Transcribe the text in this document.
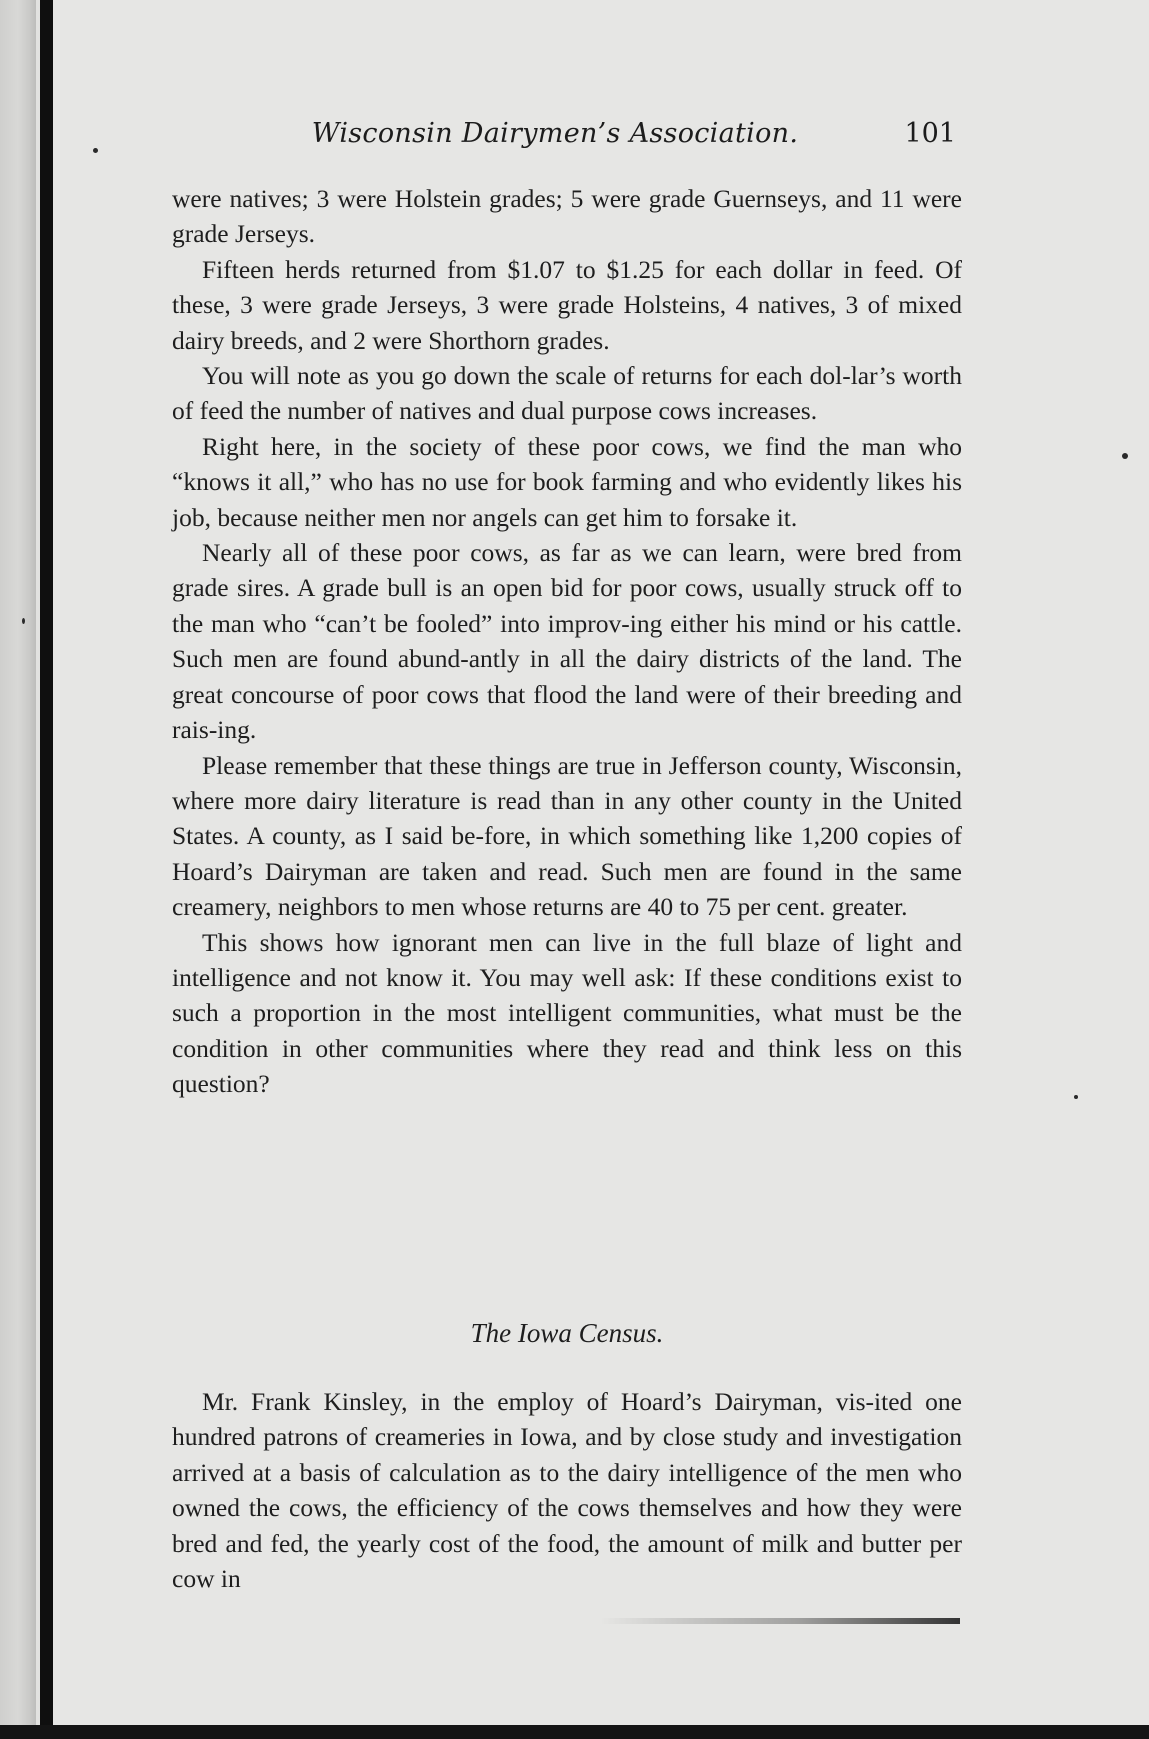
Wisconsin Dairymen’s Association.	101

were natives; 3 were Holstein grades; 5 were grade Guernseys, and 11 were grade Jerseys.

Fifteen herds returned from $1.07 to $1.25 for each dollar in feed. Of these, 3 were grade Jerseys, 3 were grade Holsteins, 4 natives, 3 of mixed dairy breeds, and 2 were Shorthorn grades.

You will note as you go down the scale of returns for each dol-lar’s worth of feed the number of natives and dual purpose cows increases.

Right here, in the society of these poor cows, we find the man who “knows it all,” who has no use for book farming and who evidently likes his job, because neither men nor angels can get him to forsake it.

Nearly all of these poor cows, as far as we can learn, were bred from grade sires. A grade bull is an open bid for poor cows, usually struck off to the man who “can’t be fooled” into improv-ing either his mind or his cattle. Such men are found abund-antly in all the dairy districts of the land. The great concourse of poor cows that flood the land were of their breeding and rais-ing.

Please remember that these things are true in Jefferson county, Wisconsin, where more dairy literature is read than in any other county in the United States. A county, as I said be-fore, in which something like 1,200 copies of Hoard’s Dairyman are taken and read. Such men are found in the same creamery, neighbors to men whose returns are 40 to 75 per cent. greater.

This shows how ignorant men can live in the full blaze of light and intelligence and not know it. You may well ask: If these conditions exist to such a proportion in the most intelligent communities, what must be the condition in other communities where they read and think less on this question?

The Iowa Census.

Mr. Frank Kinsley, in the employ of Hoard’s Dairyman, vis-ited one hundred patrons of creameries in Iowa, and by close study and investigation arrived at a basis of calculation as to the dairy intelligence of the men who owned the cows, the efficiency of the cows themselves and how they were bred and fed, the yearly cost of the food, the amount of milk and butter per cow in
